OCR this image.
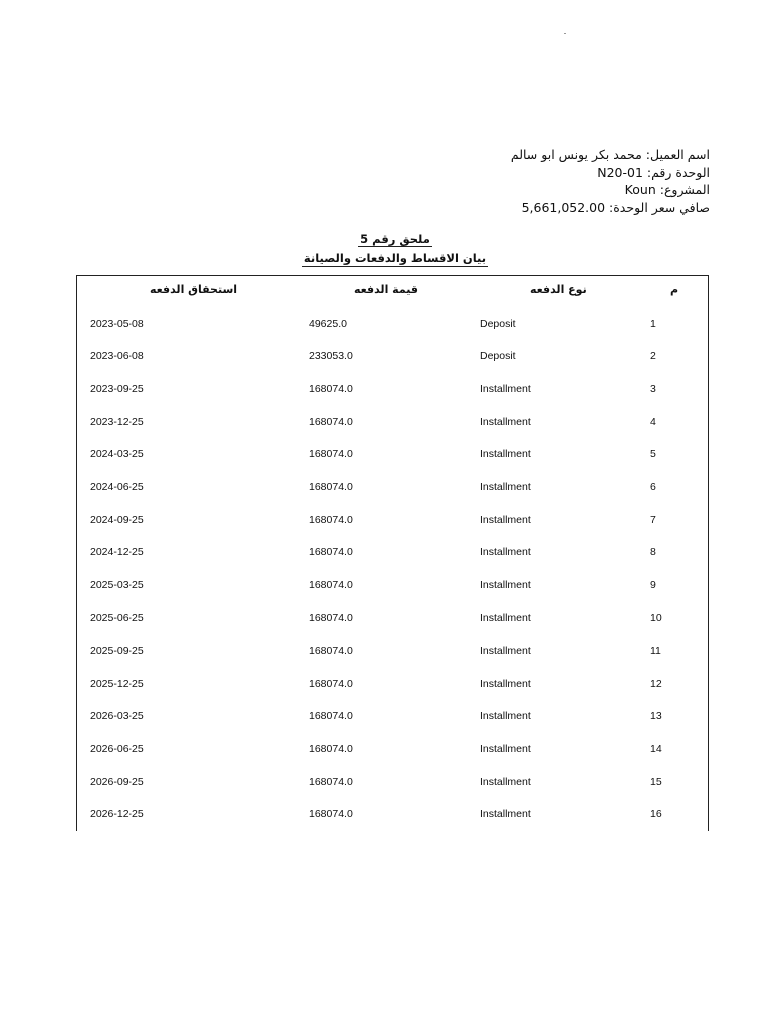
اسم العميل: محمد بكر يونس ابو سالم
الوحدة رقم: N20-01
المشروع: Koun
صافي سعر الوحدة: 5,661,052.00
ملحق رقم 5
بيان الاقساط والدفعات والصيانة
استحقاق الدفعه	قيمة الدفعه	نوع الدفعه	م
2023-05-08	49625.0	Deposit	1
2023-06-08	233053.0	Deposit	2
2023-09-25	168074.0	Installment	3
2023-12-25	168074.0	Installment	4
2024-03-25	168074.0	Installment	5
2024-06-25	168074.0	Installment	6
2024-09-25	168074.0	Installment	7
2024-12-25	168074.0	Installment	8
2025-03-25	168074.0	Installment	9
2025-06-25	168074.0	Installment	10
2025-09-25	168074.0	Installment	11
2025-12-25	168074.0	Installment	12
2026-03-25	168074.0	Installment	13
2026-06-25	168074.0	Installment	14
2026-09-25	168074.0	Installment	15
2026-12-25	168074.0	Installment	16
